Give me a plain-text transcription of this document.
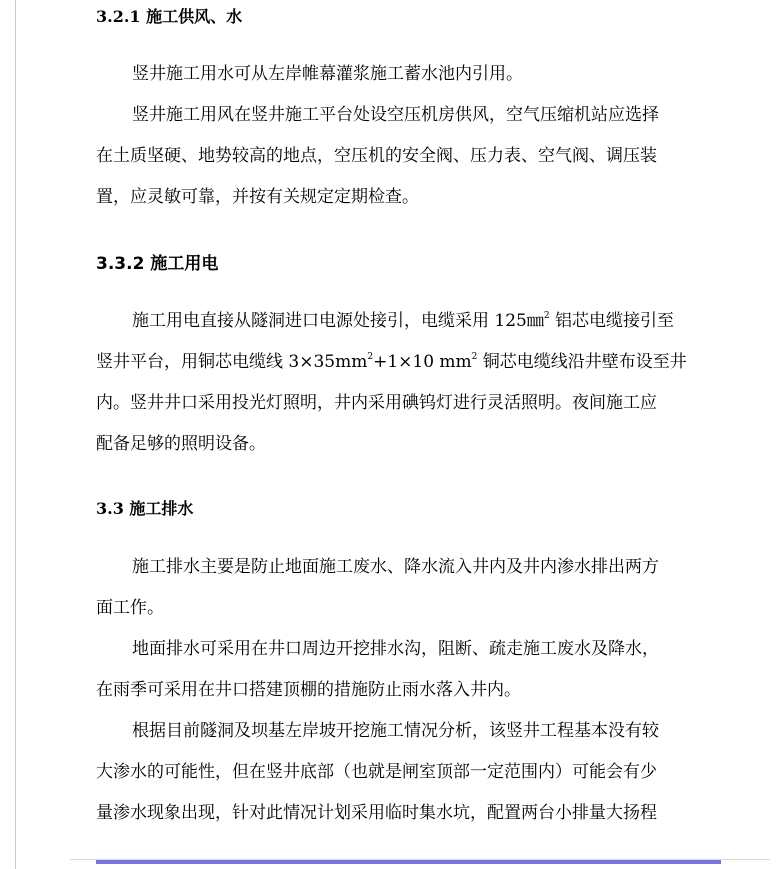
3.2.1 施工供风、水
竖井施工用水可从左岸帷幕灌浆施工蓄水池内引用。
竖井施工用风在竖井施工平台处设空压机房供风，空气压缩机站应选择
在土质坚硬、地势较高的地点，空压机的安全阀、压力表、空气阀、调压装
置，应灵敏可靠，并按有关规定定期检查。
3.3.2 施工用电
施工用电直接从隧洞进口电源处接引，电缆采用 125㎜$^2$ 铝芯电缆接引至
竖井平台，用铜芯电缆线 $3\times 35mm^2+1\times 10$ $mm^2$ 铜芯电缆线沿井壁布设至井
内。竖井井口采用投光灯照明，井内采用碘钨灯进行灵活照明。夜间施工应
配备足够的照明设备。
3.3 施工排水
施工排水主要是防止地面施工废水、降水流入井内及井内渗水排出两方
面工作。
地面排水可采用在井口周边开挖排水沟，阻断、疏走施工废水及降水，
在雨季可采用在井口搭建顶棚的措施防止雨水落入井内。
根据目前隧洞及坝基左岸坡开挖施工情况分析，该竖井工程基本没有较
大渗水的可能性，但在竖井底部（也就是闸室顶部一定范围内）可能会有少
量渗水现象出现，针对此情况计划采用临时集水坑，配置两台小排量大扬程
